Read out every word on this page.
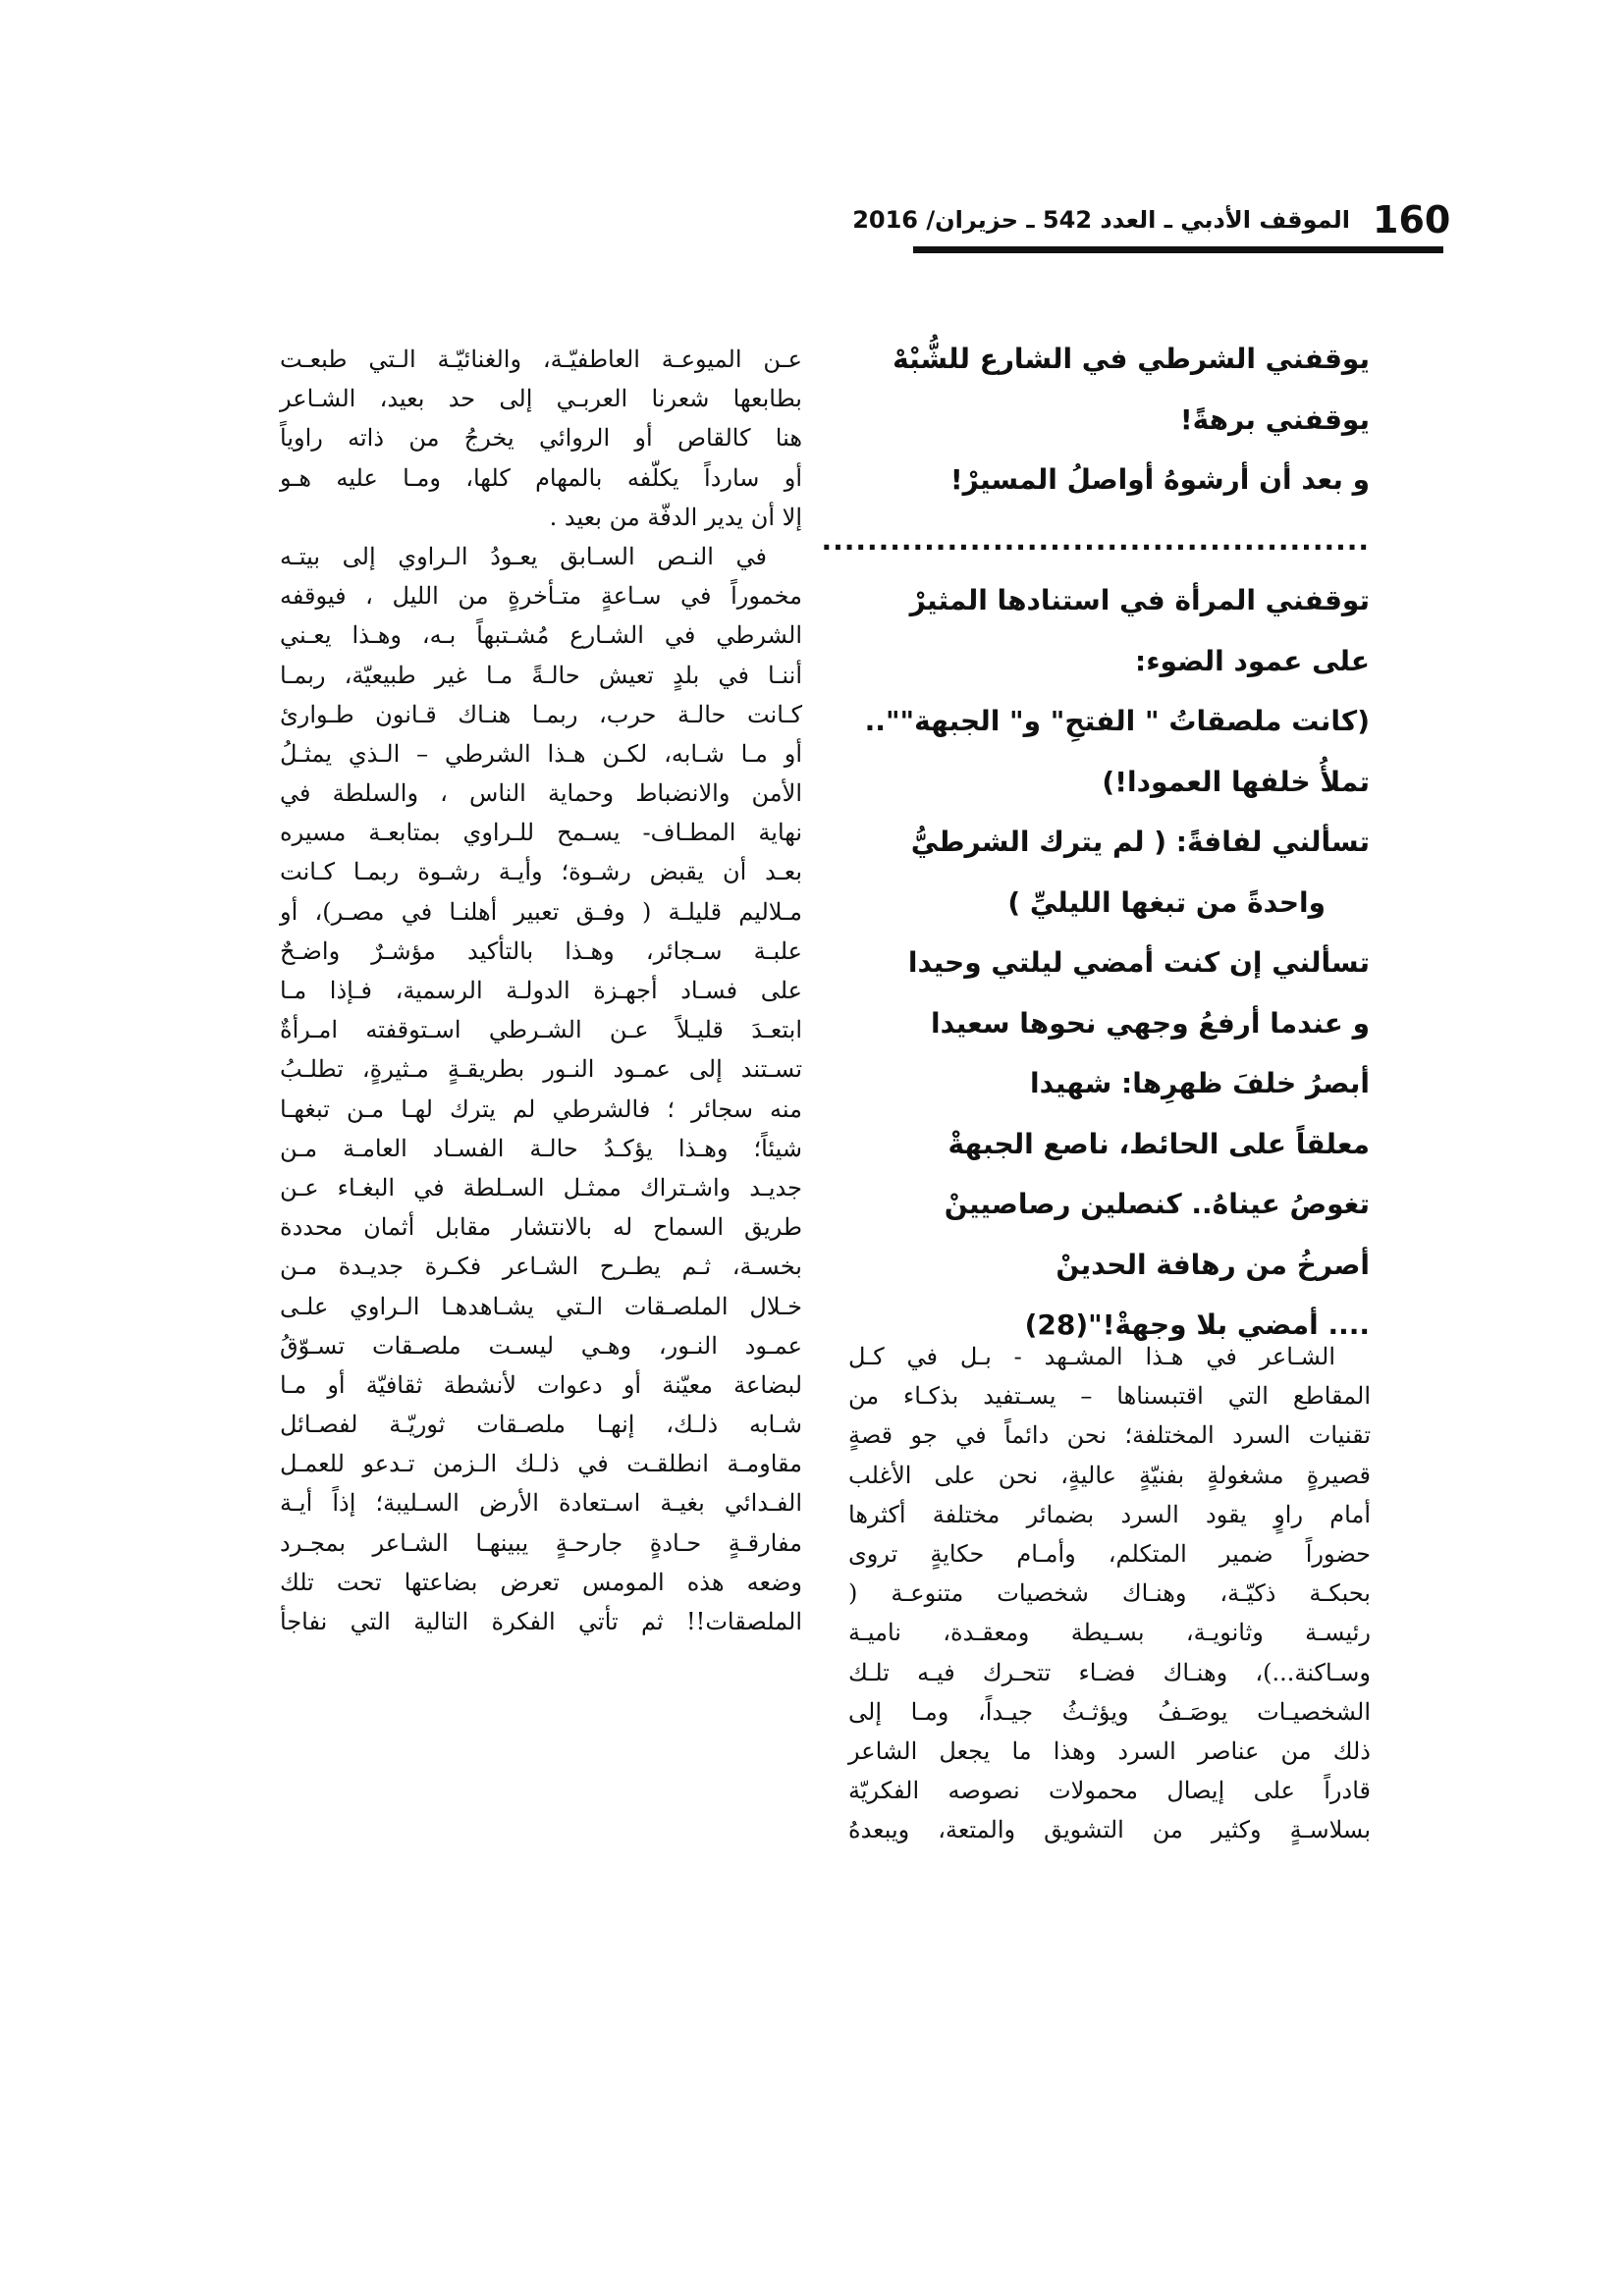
160
الموقف الأدبي ـ العدد 542 ـ حزيران/ 2016
يوقفني الشرطي في الشارع للشُّبْهْ
يوقفني برهةً!
و بعد أن أرشوهُ أواصلُ المسيرْ!
................................................
توقفني المرأة في استنادها المثيرْ
على عمود الضوء:
(كانت ملصقاتُ " الفتحِ" و" الجبهة""..
تملأُ خلفها العمودا!)
تسألني لفافةً: ( لم يترك الشرطيُّ
واحدةً من تبغها الليليِّ )
تسألني إن كنت أمضي ليلتي وحيدا
و عندما أرفعُ وجهي نحوها سعيدا
أبصرُ خلفَ ظهرِها: شهيدا
معلقاً على الحائط، ناصع الجبهةْ
تغوصُ عيناهُ.. كنصلين رصاصيينْ
أصرخُ من رهافة الحدينْ
.... أمضي بلا وجهةْ!"(28)
الشـاعر في هـذا المشـهد - بـل في كـل
المقاطع التي اقتبسناها – يسـتفيد بذكـاء من
تقنيات السرد المختلفة؛ نحن دائماً في جو قصةٍ
قصيرةٍ مشغولةٍ بفنيّةٍ عاليةٍ، نحن على الأغلب
أمام راوٍ يقود السرد بضمائر مختلفة أكثرها
حضوراً ضمير المتكلم، وأمـام حكايةٍ تروى
بحبكـة ذكيّـة، وهنـاك شخصيات متنوعـة (
رئيسـة وثانويـة، بسـيطة ومعقـدة، ناميـة
وسـاكنة...)، وهنـاك فضـاء تتحـرك فيـه تلـك
الشخصيـات يوصَـفُ ويؤثـثُ جيـداً، ومـا إلى
ذلك من عناصر السرد وهذا ما يجعل الشاعر
قادراً على إيصال محمولات نصوصه الفكريّة
بسلاسـةٍ وكثير من التشويق والمتعة، ويبعدهُ
عـن الميوعـة العاطفيّـة، والغنائيّـة الـتي طبعـت
بطابعها شعرنا العربـي إلى حد بعيد، الشـاعر
هنا كالقاص أو الروائي يخرجُ من ذاته راوياً
أو سارداً يكلّفه بالمهام كلها، ومـا عليه هـو
إلا أن يدير الدفّة من بعيد .
في النـص السـابق يعـودُ الـراوي إلى بيتـه
مخموراً في سـاعةٍ متـأخرةٍ من الليل ، فيوقفه
الشرطي في الشـارع مُشـتبهاً بـه، وهـذا يعـني
أننـا في بلدٍ تعيش حالـةً مـا غير طبيعيّة، ربمـا
كـانت حالـة حرب، ربمـا هنـاك قـانون طـوارئ
أو مـا شـابه، لكـن هـذا الشرطي – الـذي يمثـلُ
الأمن والانضباط وحماية الناس ، والسلطة في
نهاية المطـاف- يسـمح للـراوي بمتابعـة مسيره
بعـد أن يقبض رشـوة؛ وأيـة رشـوة ربمـا كـانت
مـلاليم قليلـة ( وفـق تعبير أهلنـا في مصـر)، أو
علبـة سـجائر، وهـذا بالتأكيد مؤشـرٌ واضـحٌ
على فسـاد أجهـزة الدولـة الرسمية، فـإذا مـا
ابتعـدَ قليـلاً عـن الشـرطي اسـتوقفته امـرأةٌ
تسـتند إلى عمـود النـور بطريقـةٍ مـثيرةٍ، تطلـبُ
منه سجائر ؛ فالشرطي لم يترك لهـا مـن تبغهـا
شيئاً؛ وهـذا يؤكـدُ حالـة الفسـاد العامـة مـن
جديـد واشـتراك ممثـل السـلطة في البغـاء عـن
طريق السماح له بالانتشار مقابل أثمان محددة
بخسـة، ثـم يطـرح الشـاعر فكـرة جديـدة مـن
خـلال الملصـقات الـتي يشـاهدهـا الـراوي علـى
عمـود النـور، وهـي ليسـت ملصـقات تسـوّقُ
لبضاعة معيّنة أو دعوات لأنشطة ثقافيّة أو مـا
شـابه ذلـك، إنهـا ملصـقات ثوريّـة لفصـائل
مقاومـة انطلقـت في ذلـك الـزمن تـدعو للعمـل
الفـدائي بغيـة اسـتعادة الأرض السـليبة؛ إذاً أيـة
مفارقـةٍ حـادةٍ جارحـةٍ يبينهـا الشـاعر بمجـرد
وضعه هذه المومس تعرض بضاعتها تحت تلك
الملصقات!! ثم تأتي الفكرة التالية التي نفاجأ
